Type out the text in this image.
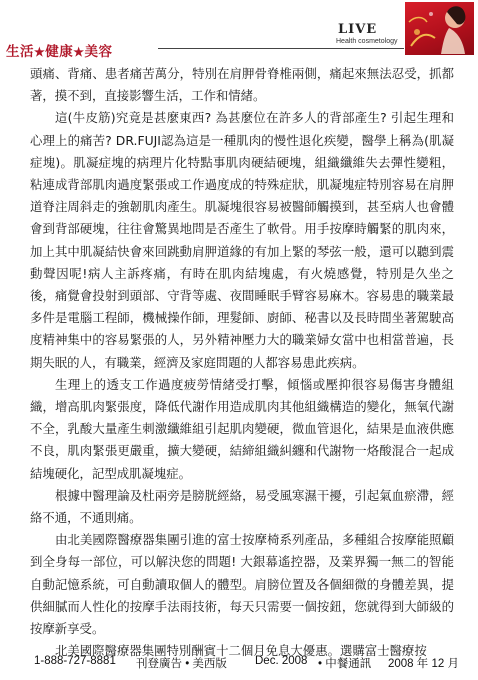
生活★健康★美容
LIVE
Health cosmetology

頭痛、背痛、患者痛苦萬分，特別在肩胛骨脊椎兩側，痛起來無法忍受，抓都著，摸不到，直接影響生活，工作和情緒。

這(牛皮筋)究竟是甚麼東西? 為甚麼位在許多人的背部產生? 引起生理和心理上的痛苦? DR.FUJI認為這是一種肌肉的慢性退化疾變，醫學上稱為(肌凝症塊)。肌凝症塊的病理片化特點事肌肉硬結硬塊，組織纖維失去彈性變粗，粘連成背部肌肉過度緊張或工作過度成的特殊症狀，肌凝塊症特別容易在肩胛道脊注周斜走的強韌肌肉產生。肌凝塊很容易被醫師觸摸到，甚至病人也會體會到背部硬塊，往往會驚異地問是否產生了軟骨。用手按摩時觸緊的肌肉來，加上其中肌凝結快會來回跳動肩胛道緣的有加上緊的琴弦一般，還可以聽到震動聲因呢!病人主訴疼痛，有時在肌肉結塊處，有火燒感覺，特別是久坐之後，痛覺會投射到頭部、守背等處、夜間睡眠手臂容易麻木。容易患的職業最多件是電腦工程師，機械操作師，理髮師、廚師、秘書以及長時間坐著駕駛高度精神集中的容易緊張的人，另外精神壓力大的職業婦女當中也相當普遍，長期失眠的人，有職業，經濟及家庭問題的人都容易患此疾病。

生理上的透支工作過度疲勞情緒受打擊，傾惱或壓抑很容易傷害身體組織，增高肌肉緊張度，降低代謝作用造成肌肉其他組織構造的變化，無氧代謝不全，乳酸大量產生刺激纖維組引起肌肉變硬，微血管退化，結果是血液供應不良，肌肉緊張更嚴重，擴大變硬，結締組織糾纏和代謝物一烙酸混合一起成結塊硬化，記型成肌凝塊症。

根據中醫理論及杜兩旁是膀胱經絡，易受風寒濕干擾，引起氣血瘀滯，經絡不通，不通則痛。

由北美國際醫療器集團引進的富士按摩椅系列產品，多種組合按摩能照顧到全身每一部位，可以解決您的問題! 大銀幕遙控器，及業界獨一無二的智能自動記憶系統，可自動讀取個人的體型。肩膀位置及各個細微的身體差異，提供細膩而人性化的按摩手法雨技術，每天只需要一個按鈕，您就得到大師級的按摩新享受。

北美國際醫療器集團特別酬賓十二個月免息大優惠。選購富士醫療按

1-888-727-8881 刊登廣告 • 美西版 Dec. 2008 • 中餐通訊 2008 年 12 月
